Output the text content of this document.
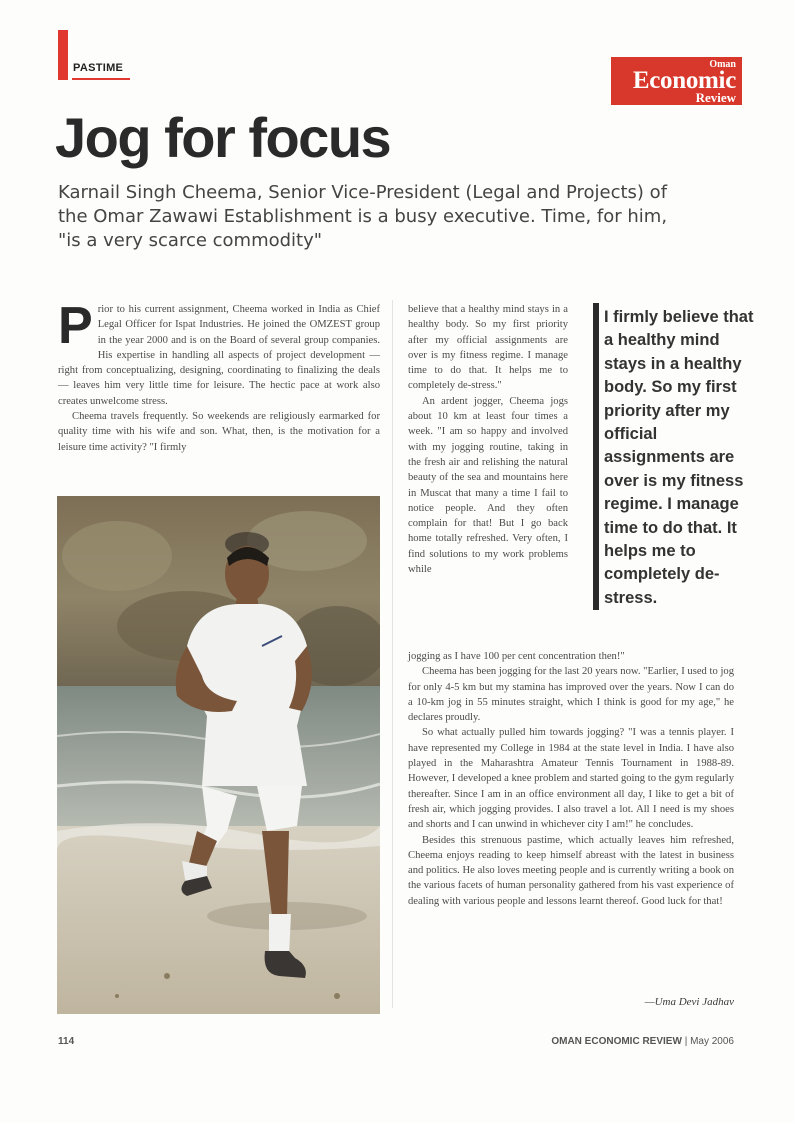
PASTIME	Oman
Economic
Review
Jog for focus

Karnail Singh Cheema, Senior Vice-President (Legal and Projects) of the Omar Zawawi Establishment is a busy executive. Time, for him, "is a very scarce commodity"

P rior to his current assignment, Cheema worked in India as Chief Legal Officer for Ispat Industries. He joined the OMZEST group in the year 2000 and is on the Board of several group companies. His expertise in handling all aspects of project development — right from conceptualizing, designing, coordinating to finalizing the deals — leaves him very little time for leisure. The hectic pace at work also creates unwelcome stress.

Cheema travels frequently. So weekends are religiously earmarked for quality time with his wife and son. What, then, is the motivation for a leisure time activity? "I firmly

believe that a healthy mind stays in a healthy body. So my first priority after my official assignments are over is my fitness regime. I manage time to do that. It helps me to completely de-stress."

An ardent jogger, Cheema jogs about 10 km at least four times a week. "I am so happy and involved with my jogging routine, taking in the fresh air and relishing the natural beauty of the sea and mountains here in Muscat that many a time I fail to notice people. And they often complain for that! But I go back home totally refreshed. Very often, I find solutions to my work problems while

I firmly believe that a healthy mind stays in a healthy body. So my first priority after my official assignments are over is my fitness regime. I manage time to do that. It helps me to completely de-stress.

jogging as I have 100 per cent concentration then!"

Cheema has been jogging for the last 20 years now. "Earlier, I used to jog for only 4-5 km but my stamina has improved over the years. Now I can do a 10-km jog in 55 minutes straight, which I think is good for my age," he declares proudly.

So what actually pulled him towards jogging? "I was a tennis player. I have represented my College in 1984 at the state level in India. I have also played in the Maharashtra Amateur Tennis Tournament in 1988-89. However, I developed a knee problem and started going to the gym regularly thereafter. Since I am in an office environment all day, I like to get a bit of fresh air, which jogging provides. I also travel a lot. All I need is my shoes and shorts and I can unwind in whichever city I am!" he concludes.

Besides this strenuous pastime, which actually leaves him refreshed, Cheema enjoys reading to keep himself abreast with the latest in business and politics. He also loves meeting people and is currently writing a book on the various facets of human personality gathered from his vast experience of dealing with various people and lessons learnt thereof. Good luck for that!

—Uma Devi Jadhav
114	OMAN ECONOMIC REVIEW | May 2006
